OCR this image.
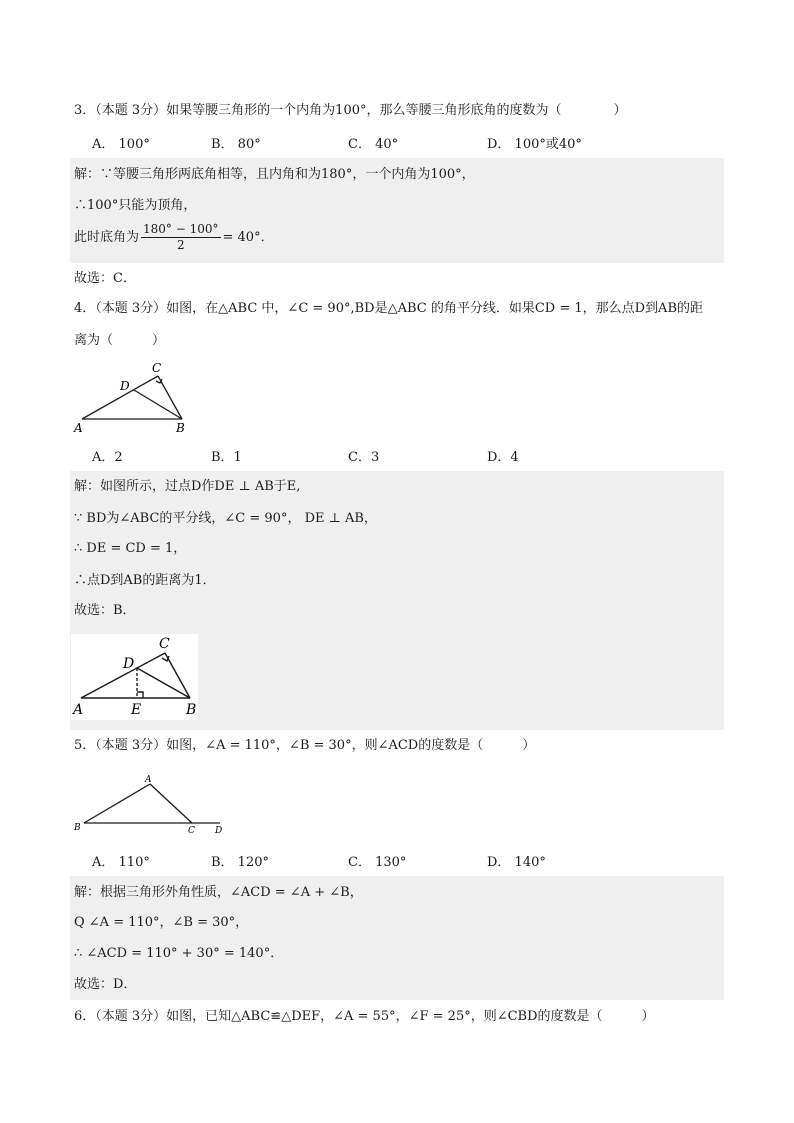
3．（本题 3分）如果等腰三角形的一个内角为100°，那么等腰三角形底角的度数为（　　　　）
A． 100°	B． 80°	C． 40°	D． 100°或40°
解：∵等腰三角形两底角相等，且内角和为180°，一个内角为100°，
∴100°只能为顶角，
此时底角为 $\frac{180^\circ - 100^\circ}{2} = 40^\circ$．
故选：C．
4．（本题 3分）如图，在△ABC 中，∠C = 90°,BD是△ABC 的角平分线．如果CD = 1，那么点D到AB的距
离为（　　　）
A	B
C
D
A．2	B．1	C．3	D．4
解：如图所示，过点D作DE ⊥ AB于E,
∵ BD为∠ABC的平分线，∠C = 90°， DE ⊥ AB，
∴ DE = CD = 1，
∴点D到AB的距离为1．
故选：B．
A	B
C
D
E
5．（本题 3分）如图，∠A = 110°，∠B = 30°，则∠ACD的度数是（　　　）
A
B	C D
A． 110°	B． 120°	C． 130°	D． 140°
解：根据三角形外角性质，∠ACD = ∠A + ∠B，
Q ∠A = 110°，∠B = 30°，
∴ ∠ACD = 110° + 30° = 140°．
故选：D．
6．（本题 3分）如图，已知△ABC≌△DEF，∠A = 55°，∠F = 25°，则∠CBD的度数是（　　　）
